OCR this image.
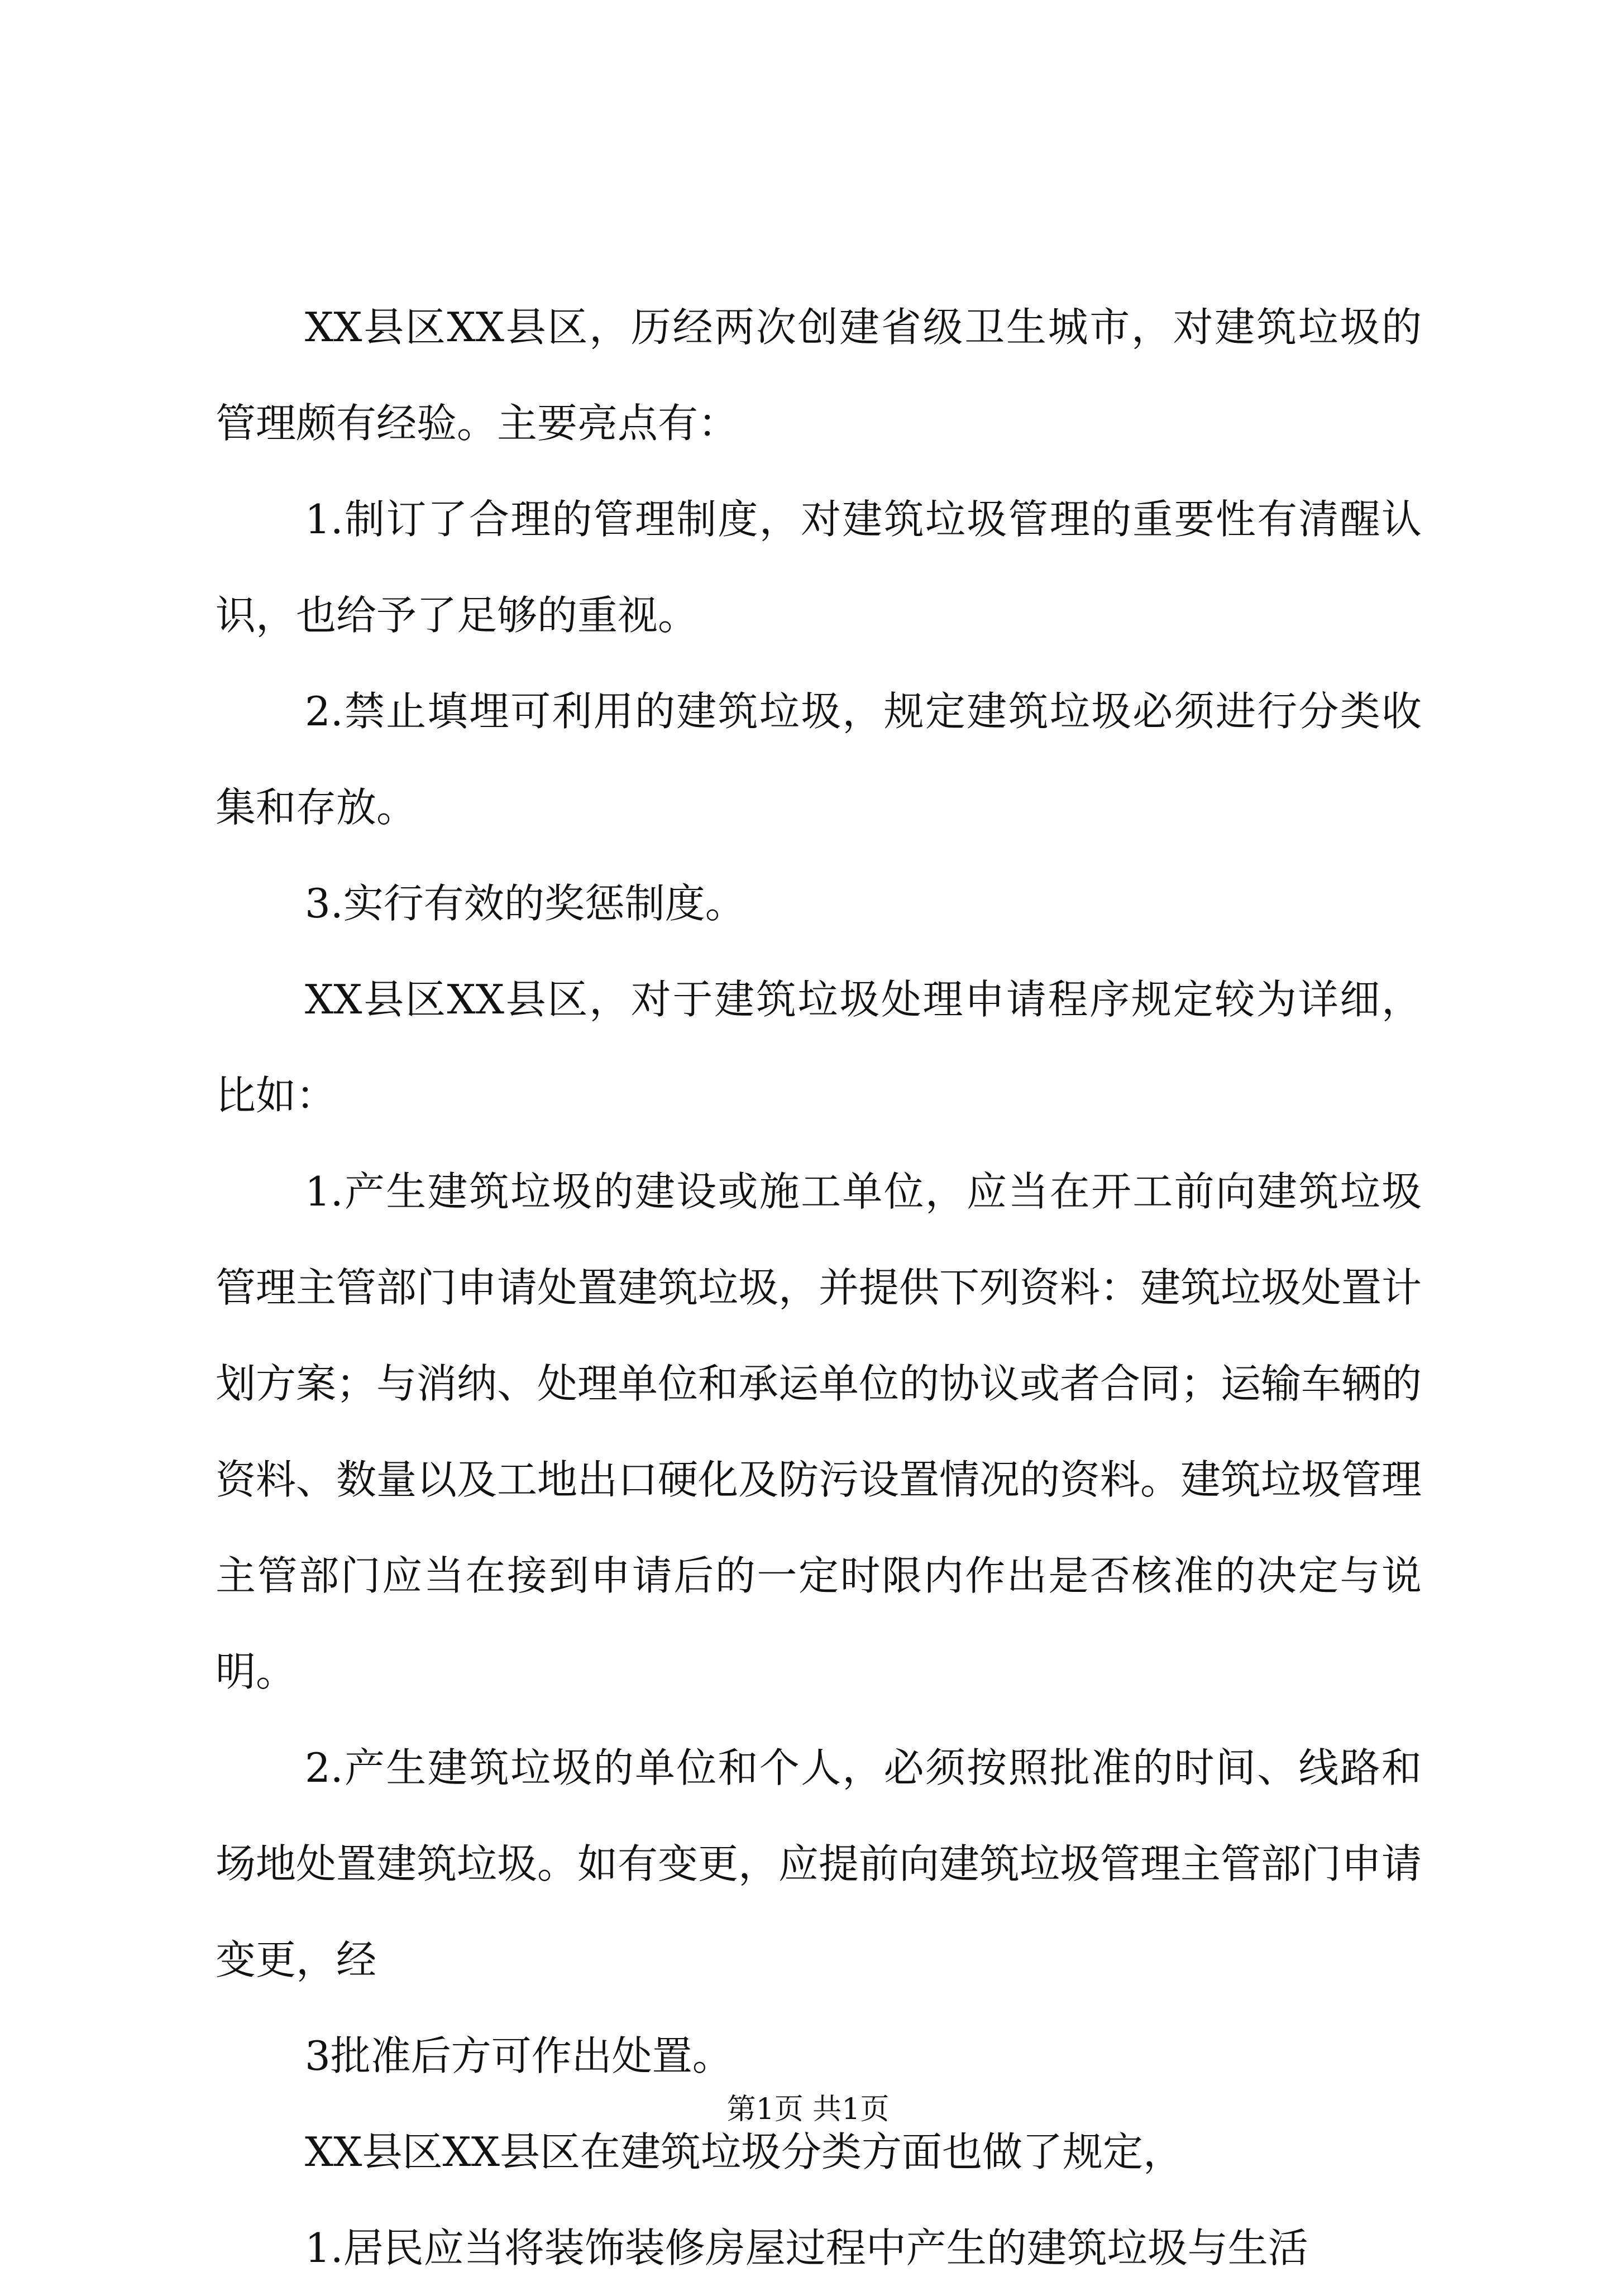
XX县区XX县区，历经两次创建省级卫生城市，对建筑垃圾的管理颇有经验。主要亮点有：

1.制订了合理的管理制度，对建筑垃圾管理的重要性有清醒认识，也给予了足够的重视。

2.禁止填埋可利用的建筑垃圾，规定建筑垃圾必须进行分类收集和存放。

3.实行有效的奖惩制度。

XX县区XX县区，对于建筑垃圾处理申请程序规定较为详细，比如：

1.产生建筑垃圾的建设或施工单位，应当在开工前向建筑垃圾管理主管部门申请处置建筑垃圾，并提供下列资料：建筑垃圾处置计划方案；与消纳、处理单位和承运单位的协议或者合同；运输车辆的资料、数量以及工地出口硬化及防污设置情况的资料。建筑垃圾管理主管部门应当在接到申请后的一定时限内作出是否核准的决定与说明。

2.产生建筑垃圾的单位和个人，必须按照批准的时间、线路和场地处置建筑垃圾。如有变更，应提前向建筑垃圾管理主管部门申请变更，经

3批准后方可作出处置。

XX县区XX县区在建筑垃圾分类方面也做了规定，

1.居民应当将装饰装修房屋过程中产生的建筑垃圾与生活

第1页 共1页
